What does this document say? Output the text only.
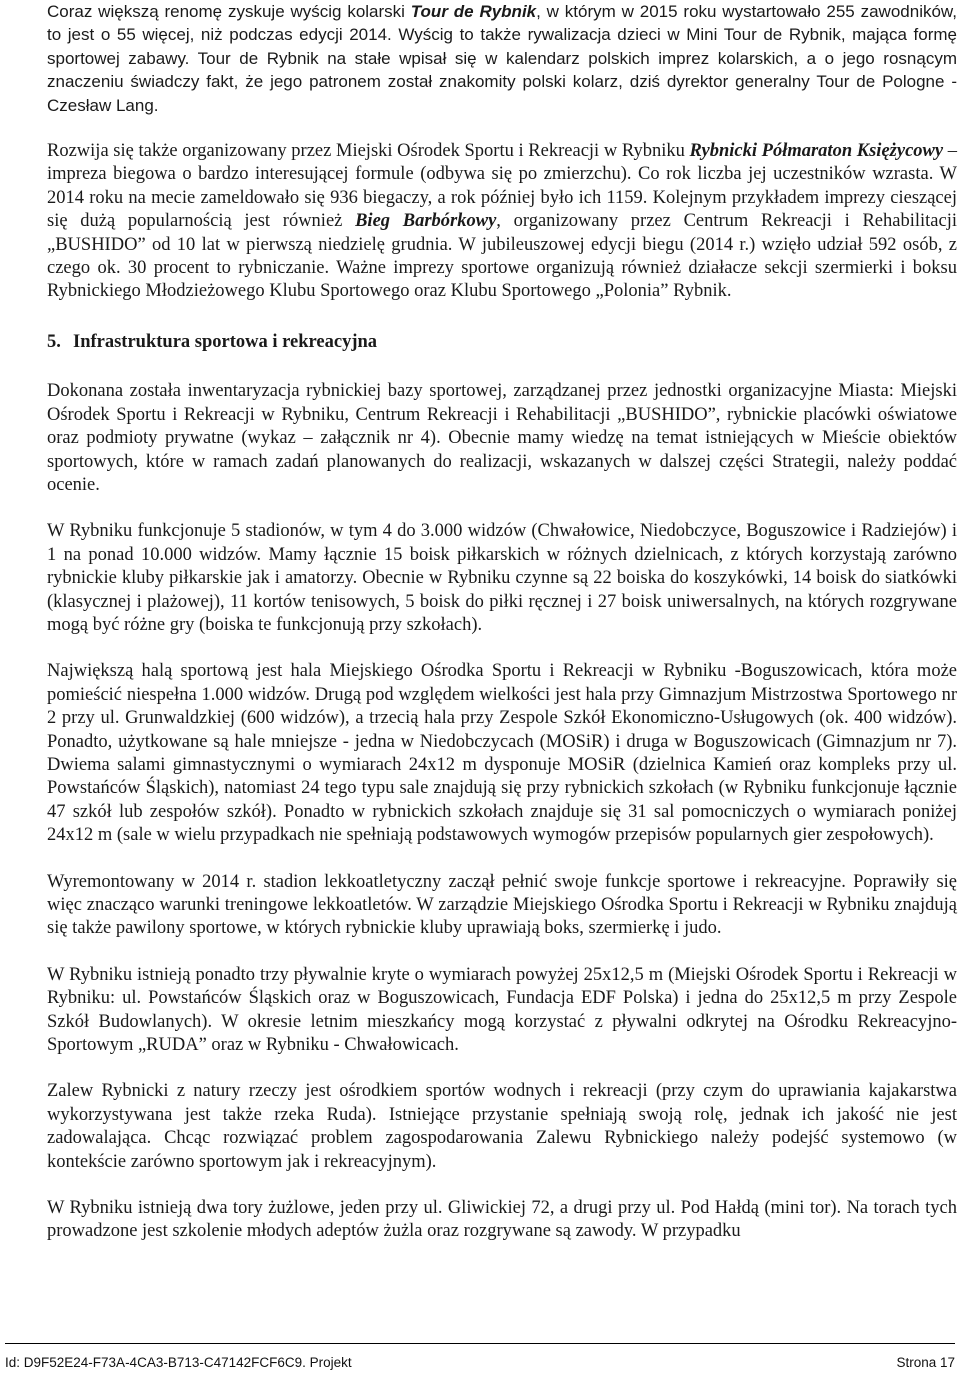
Coraz większą renomę zyskuje wyścig kolarski Tour de Rybnik, w którym w 2015 roku wystartowało 255 zawodników, to jest o 55 więcej, niż podczas edycji 2014. Wyścig to także rywalizacja dzieci w Mini Tour de Rybnik, mająca formę sportowej zabawy. Tour de Rybnik na stałe wpisał się w kalendarz polskich imprez kolarskich, a o jego rosnącym znaczeniu świadczy fakt, że jego patronem został znakomity polski kolarz, dziś dyrektor generalny Tour de Pologne - Czesław Lang.

Rozwija się także organizowany przez Miejski Ośrodek Sportu i Rekreacji w Rybniku Rybnicki Półmaraton Księżycowy – impreza biegowa o bardzo interesującej formule (odbywa się po zmierzchu). Co rok liczba jej uczestników wzrasta. W 2014 roku na mecie zameldowało się 936 biegaczy, a rok później było ich 1159. Kolejnym przykładem imprezy cieszącej się dużą popularnością jest również Bieg Barbórkowy, organizowany przez Centrum Rekreacji i Rehabilitacji „BUSHIDO” od 10 lat w pierwszą niedzielę grudnia. W jubileuszowej edycji biegu (2014 r.) wzięło udział 592 osób, z czego ok. 30 procent to rybniczanie. Ważne imprezy sportowe organizują również działacze sekcji szermierki i boksu Rybnickiego Młodzieżowego Klubu Sportowego oraz Klubu Sportowego „Polonia” Rybnik.

5. Infrastruktura sportowa i rekreacyjna

Dokonana została inwentaryzacja rybnickiej bazy sportowej, zarządzanej przez jednostki organizacyjne Miasta: Miejski Ośrodek Sportu i Rekreacji w Rybniku, Centrum Rekreacji i Rehabilitacji „BUSHIDO”, rybnickie placówki oświatowe oraz podmioty prywatne (wykaz – załącznik nr 4). Obecnie mamy wiedzę na temat istniejących w Mieście obiektów sportowych, które w ramach zadań planowanych do realizacji, wskazanych w dalszej części Strategii, należy poddać ocenie.

W Rybniku funkcjonuje 5 stadionów, w tym 4 do 3.000 widzów (Chwałowice, Niedobczyce, Boguszowice i Radziejów) i 1 na ponad 10.000 widzów. Mamy łącznie 15 boisk piłkarskich w różnych dzielnicach, z których korzystają zarówno rybnickie kluby piłkarskie jak i amatorzy. Obecnie w Rybniku czynne są 22 boiska do koszykówki, 14 boisk do siatkówki (klasycznej i plażowej), 11 kortów tenisowych, 5 boisk do piłki ręcznej i 27 boisk uniwersalnych, na których rozgrywane mogą być różne gry (boiska te funkcjonują przy szkołach).

Największą halą sportową jest hala Miejskiego Ośrodka Sportu i Rekreacji w Rybniku -Boguszowicach, która może pomieścić niespełna 1.000 widzów. Drugą pod względem wielkości jest hala przy Gimnazjum Mistrzostwa Sportowego nr 2 przy ul. Grunwaldzkiej (600 widzów), a trzecią hala przy Zespole Szkół Ekonomiczno-Usługowych (ok. 400 widzów). Ponadto, użytkowane są hale mniejsze - jedna w Niedobczycach (MOSiR) i druga w Boguszowicach (Gimnazjum nr 7). Dwiema salami gimnastycznymi o wymiarach 24x12 m dysponuje MOSiR (dzielnica Kamień oraz kompleks przy ul. Powstańców Śląskich), natomiast 24 tego typu sale znajdują się przy rybnickich szkołach (w Rybniku funkcjonuje łącznie 47 szkół lub zespołów szkół). Ponadto w rybnickich szkołach znajduje się 31 sal pomocniczych o wymiarach poniżej 24x12 m (sale w wielu przypadkach nie spełniają podstawowych wymogów przepisów popularnych gier zespołowych).

Wyremontowany w 2014 r. stadion lekkoatletyczny zaczął pełnić swoje funkcje sportowe i rekreacyjne. Poprawiły się więc znacząco warunki treningowe lekkoatletów. W zarządzie Miejskiego Ośrodka Sportu i Rekreacji w Rybniku znajdują się także pawilony sportowe, w których rybnickie kluby uprawiają boks, szermierkę i judo.

W Rybniku istnieją ponadto trzy pływalnie kryte o wymiarach powyżej 25x12,5 m (Miejski Ośrodek Sportu i Rekreacji w Rybniku: ul. Powstańców Śląskich oraz w Boguszowicach, Fundacja EDF Polska) i jedna do 25x12,5 m przy Zespole Szkół Budowlanych). W okresie letnim mieszkańcy mogą korzystać z pływalni odkrytej na Ośrodku Rekreacyjno-Sportowym „RUDA” oraz w Rybniku - Chwałowicach.

Zalew Rybnicki z natury rzeczy jest ośrodkiem sportów wodnych i rekreacji (przy czym do uprawiania kajakarstwa wykorzystywana jest także rzeka Ruda). Istniejące przystanie spełniają swoją rolę, jednak ich jakość nie jest zadowalająca. Chcąc rozwiązać problem zagospodarowania Zalewu Rybnickiego należy podejść systemowo (w kontekście zarówno sportowym jak i rekreacyjnym).

W Rybniku istnieją dwa tory żużlowe, jeden przy ul. Gliwickiej 72, a drugi przy ul. Pod Hałdą (mini tor). Na torach tych prowadzone jest szkolenie młodych adeptów żużla oraz rozgrywane są zawody. W przypadku

Id: D9F52E24-F73A-4CA3-B713-C47142FCF6C9. Projekt	Strona 17
